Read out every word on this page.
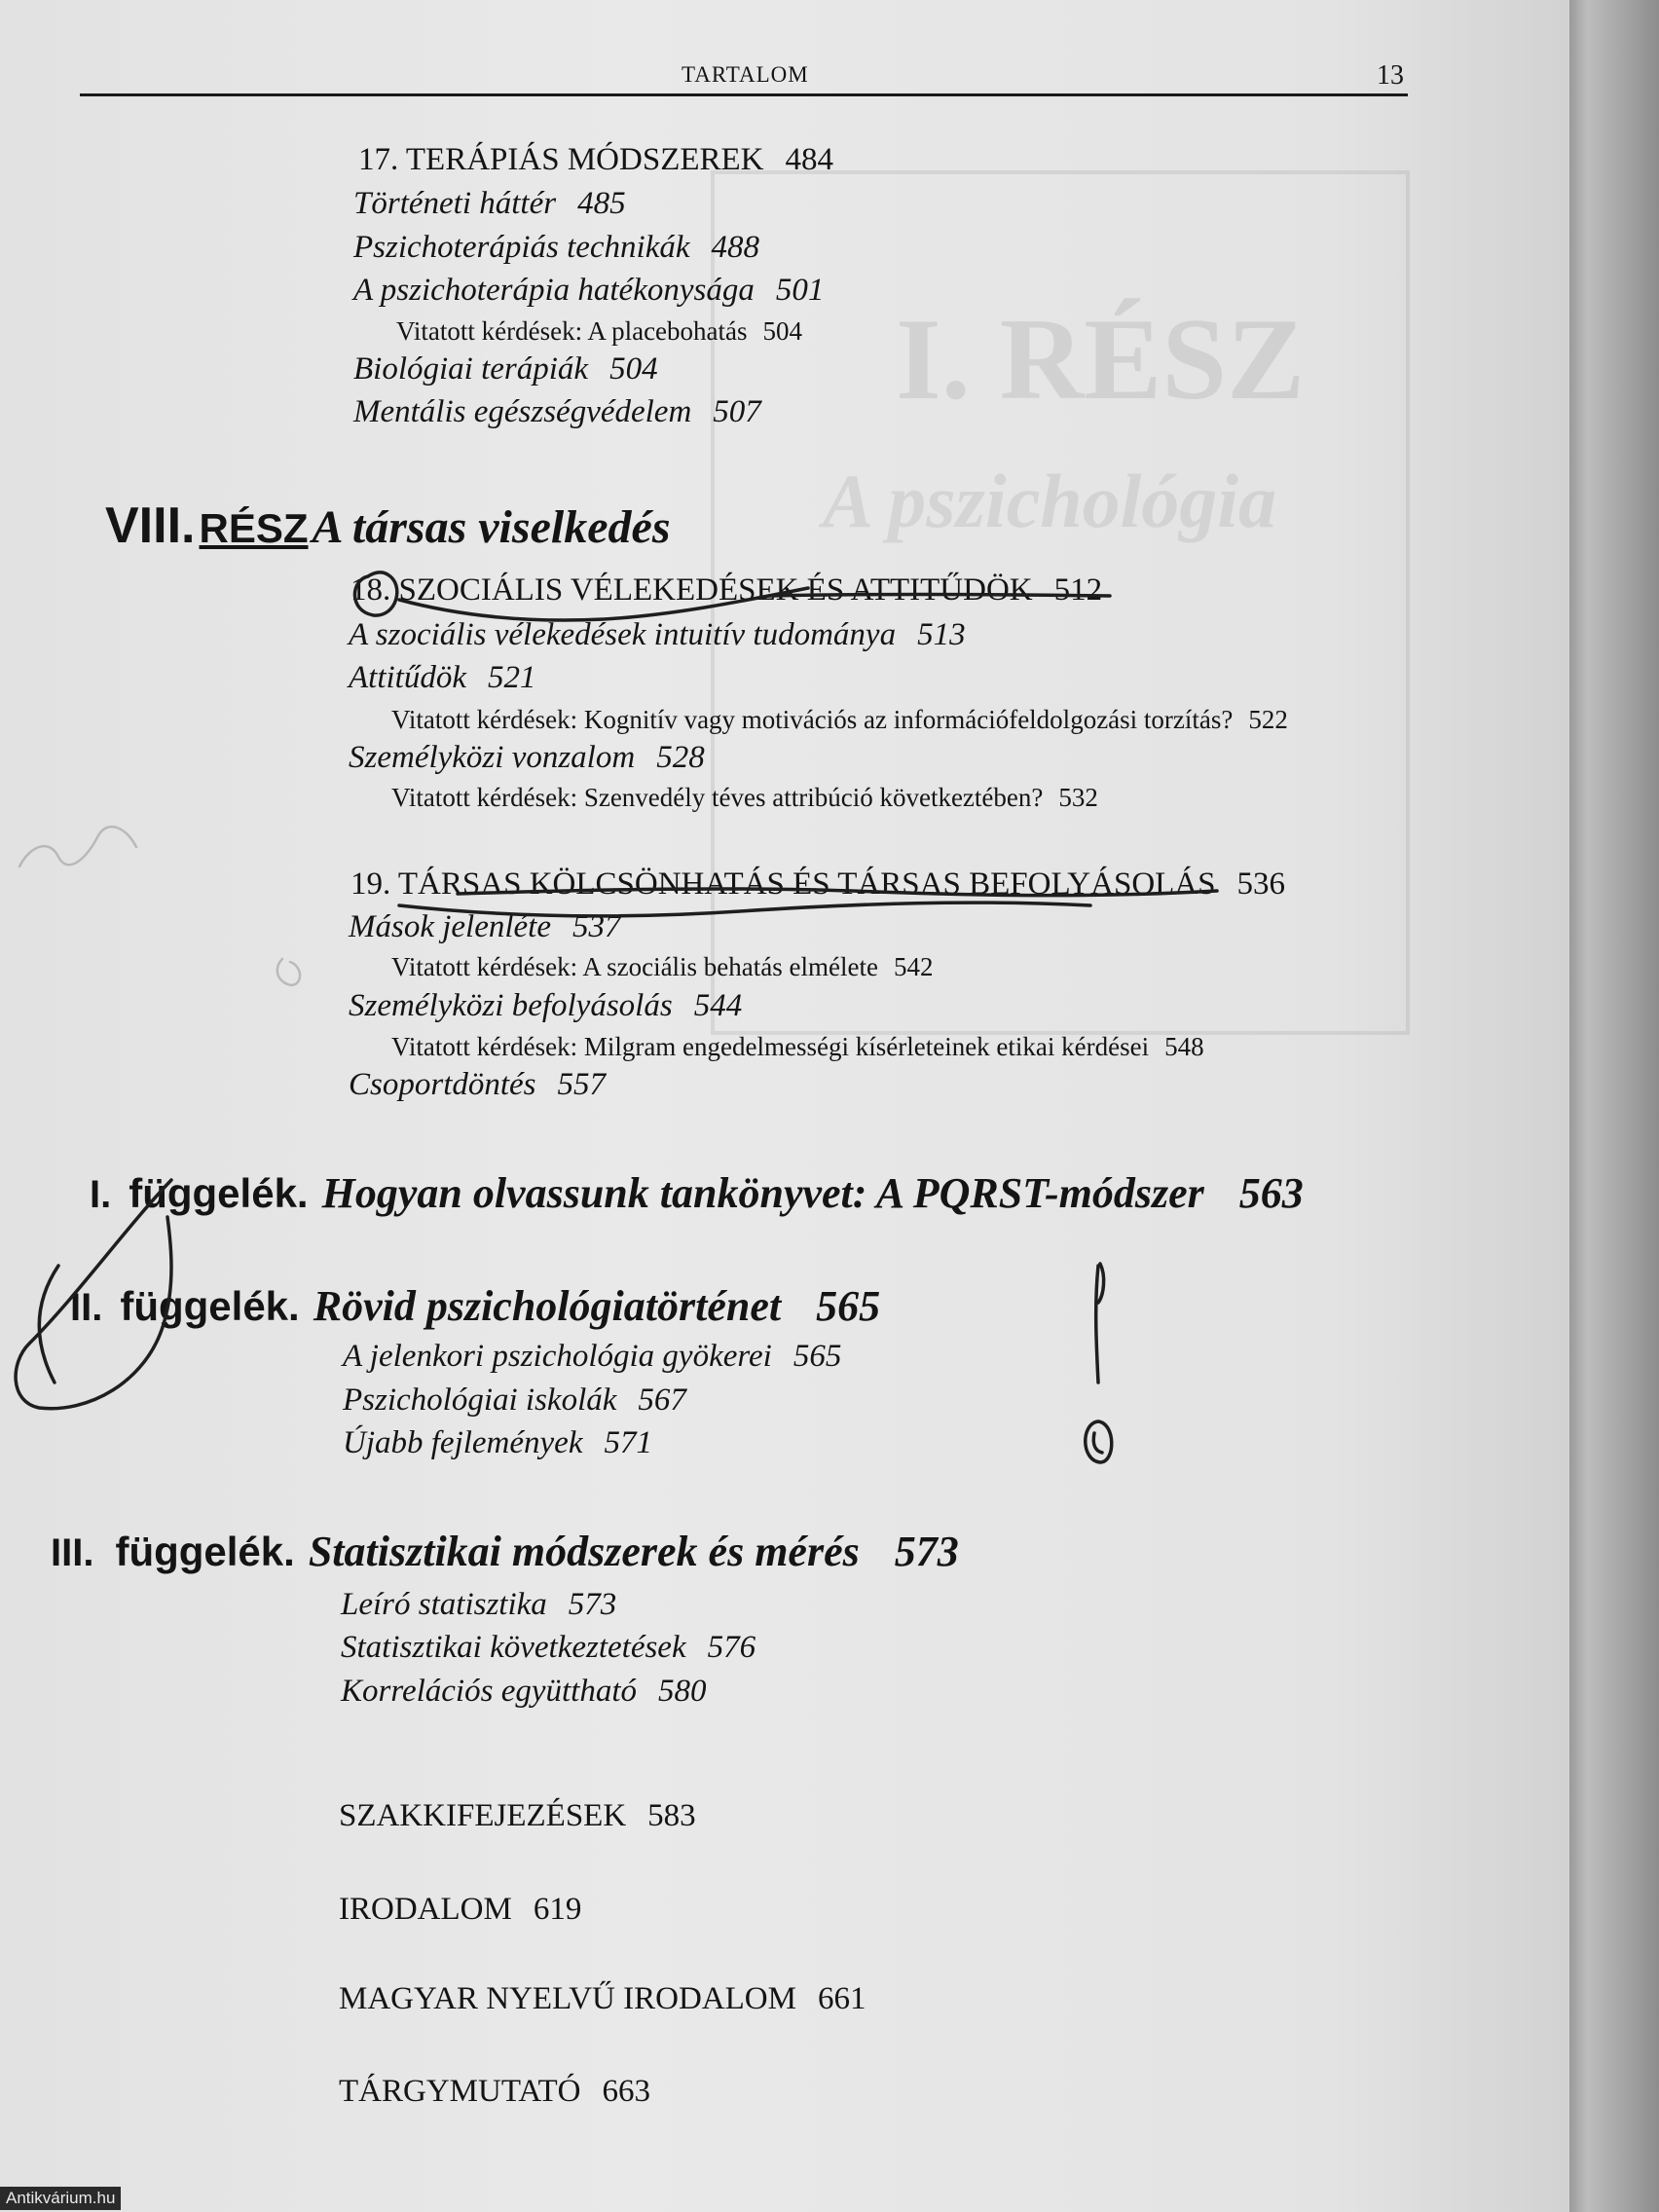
I. RÉSZ
A pszichológia
TARTALOM	13
17. TERÁPIÁS MÓDSZEREK 484
Történeti háttér 485
Pszichoterápiás technikák 488
A pszichoterápia hatékonysága 501
Vitatott kérdések: A placebohatás 504
Biológiai terápiák 504
Mentális egészségvédelem 507
VIII. RÉSZ A társas viselkedés
18. SZOCIÁLIS VÉLEKEDÉSEK ÉS ATTITŰDÖK 512
A szociális vélekedések intuitív tudománya 513
Attitűdök 521
Vitatott kérdések: Kognitív vagy motivációs az információfeldolgozási torzítás? 522
Személyközi vonzalom 528
Vitatott kérdések: Szenvedély téves attribúció következtében? 532
19. TÁRSAS KÖLCSÖNHATÁS ÉS TÁRSAS BEFOLYÁSOLÁS 536
Mások jelenléte 537
Vitatott kérdések: A szociális behatás elmélete 542
Személyközi befolyásolás 544
Vitatott kérdések: Milgram engedelmességi kísérleteinek etikai kérdései 548
Csoportdöntés 557
I. függelék. Hogyan olvassunk tankönyvet: A PQRST-módszer 563
II. függelék. Rövid pszichológiatörténet 565
A jelenkori pszichológia gyökerei 565
Pszichológiai iskolák 567
Újabb fejlemények 571
III. függelék. Statisztikai módszerek és mérés 573
Leíró statisztika 573
Statisztikai következtetések 576
Korrelációs együttható 580
SZAKKIFEJEZÉSEK 583
IRODALOM 619
MAGYAR NYELVŰ IRODALOM 661
TÁRGYMUTATÓ 663
Antikvárium.hu
